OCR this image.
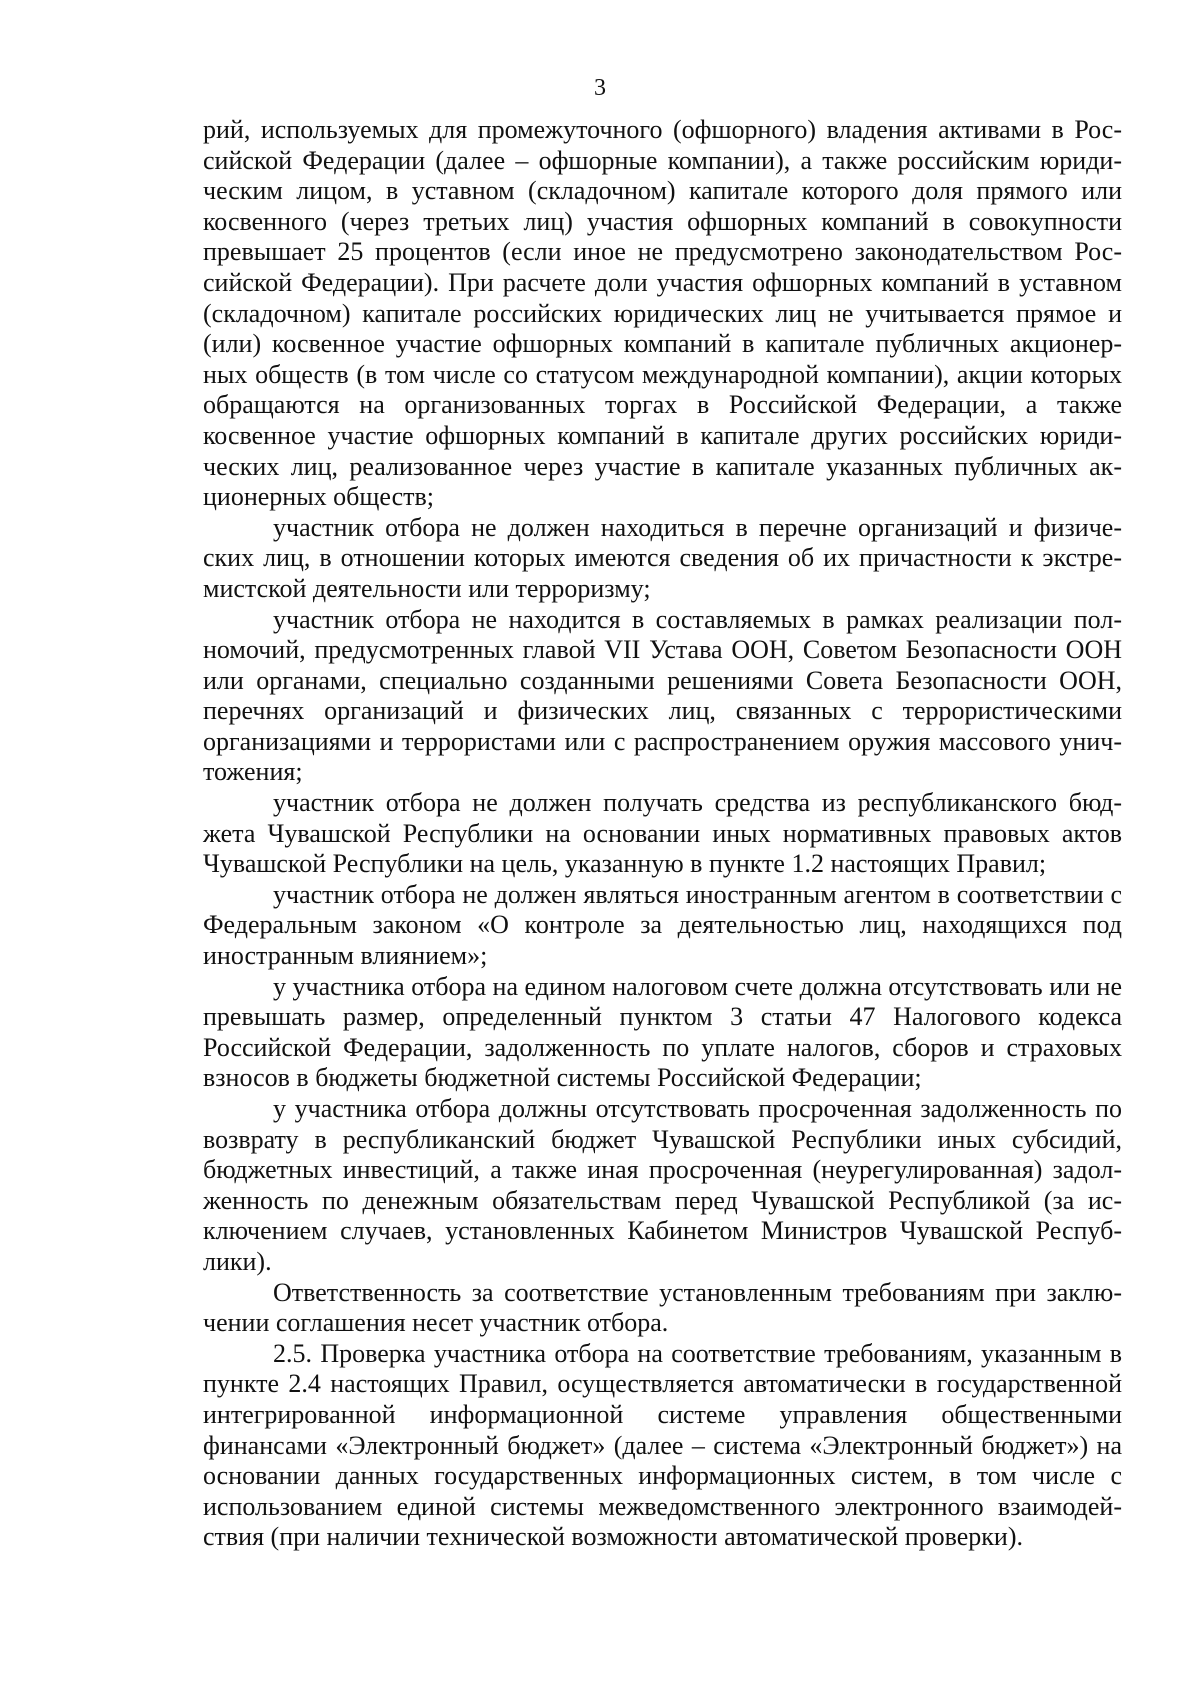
3

рий, используемых для промежуточного (офшорного) владения активами в Российской Федерации (далее – офшорные компании), а также российским юридическим лицом, в уставном (складочном) капитале которого доля прямого или косвенного (через третьих лиц) участия офшорных компаний в совокупности превышает 25 процентов (если иное не предусмотрено законодательством Российской Федерации). При расчете доли участия офшорных компаний в уставном (складочном) капитале российских юридических лиц не учитывается прямое и (или) косвенное участие офшорных компаний в капитале публичных акционерных обществ (в том числе со статусом международной компании), акции которых обращаются на организованных торгах в Российской Федерации, а также косвенное участие офшорных компаний в капитале других российских юридических лиц, реализованное через участие в капитале указанных публичных акционерных обществ;

участник отбора не должен находиться в перечне организаций и физических лиц, в отношении которых имеются сведения об их причастности к экстремистской деятельности или терроризму;

участник отбора не находится в составляемых в рамках реализации полномочий, предусмотренных главой VII Устава ООН, Советом Безопасности ООН или органами, специально созданными решениями Совета Безопасности ООН, перечнях организаций и физических лиц, связанных с террористическими организациями и террористами или с распространением оружия массового уничтожения;

участник отбора не должен получать средства из республиканского бюджета Чувашской Республики на основании иных нормативных правовых актов Чувашской Республики на цель, указанную в пункте 1.2 настоящих Правил;

участник отбора не должен являться иностранным агентом в соответствии с Федеральным законом «О контроле за деятельностью лиц, находящихся под иностранным влиянием»;

у участника отбора на едином налоговом счете должна отсутствовать или не превышать размер, определенный пунктом 3 статьи 47 Налогового кодекса Российской Федерации, задолженность по уплате налогов, сборов и страховых взносов в бюджеты бюджетной системы Российской Федерации;

у участника отбора должны отсутствовать просроченная задолженность по возврату в республиканский бюджет Чувашской Республики иных субсидий, бюджетных инвестиций, а также иная просроченная (неурегулированная) задолженность по денежным обязательствам перед Чувашской Республикой (за исключением случаев, установленных Кабинетом Министров Чувашской Республики).

Ответственность за соответствие установленным требованиям при заключении соглашения несет участник отбора.

2.5. Проверка участника отбора на соответствие требованиям, указанным в пункте 2.4 настоящих Правил, осуществляется автоматически в государственной интегрированной информационной системе управления общественными финансами «Электронный бюджет» (далее – система «Электронный бюджет») на основании данных государственных информационных систем, в том числе с использованием единой системы межведомственного электронного взаимодействия (при наличии технической возможности автоматической проверки).
